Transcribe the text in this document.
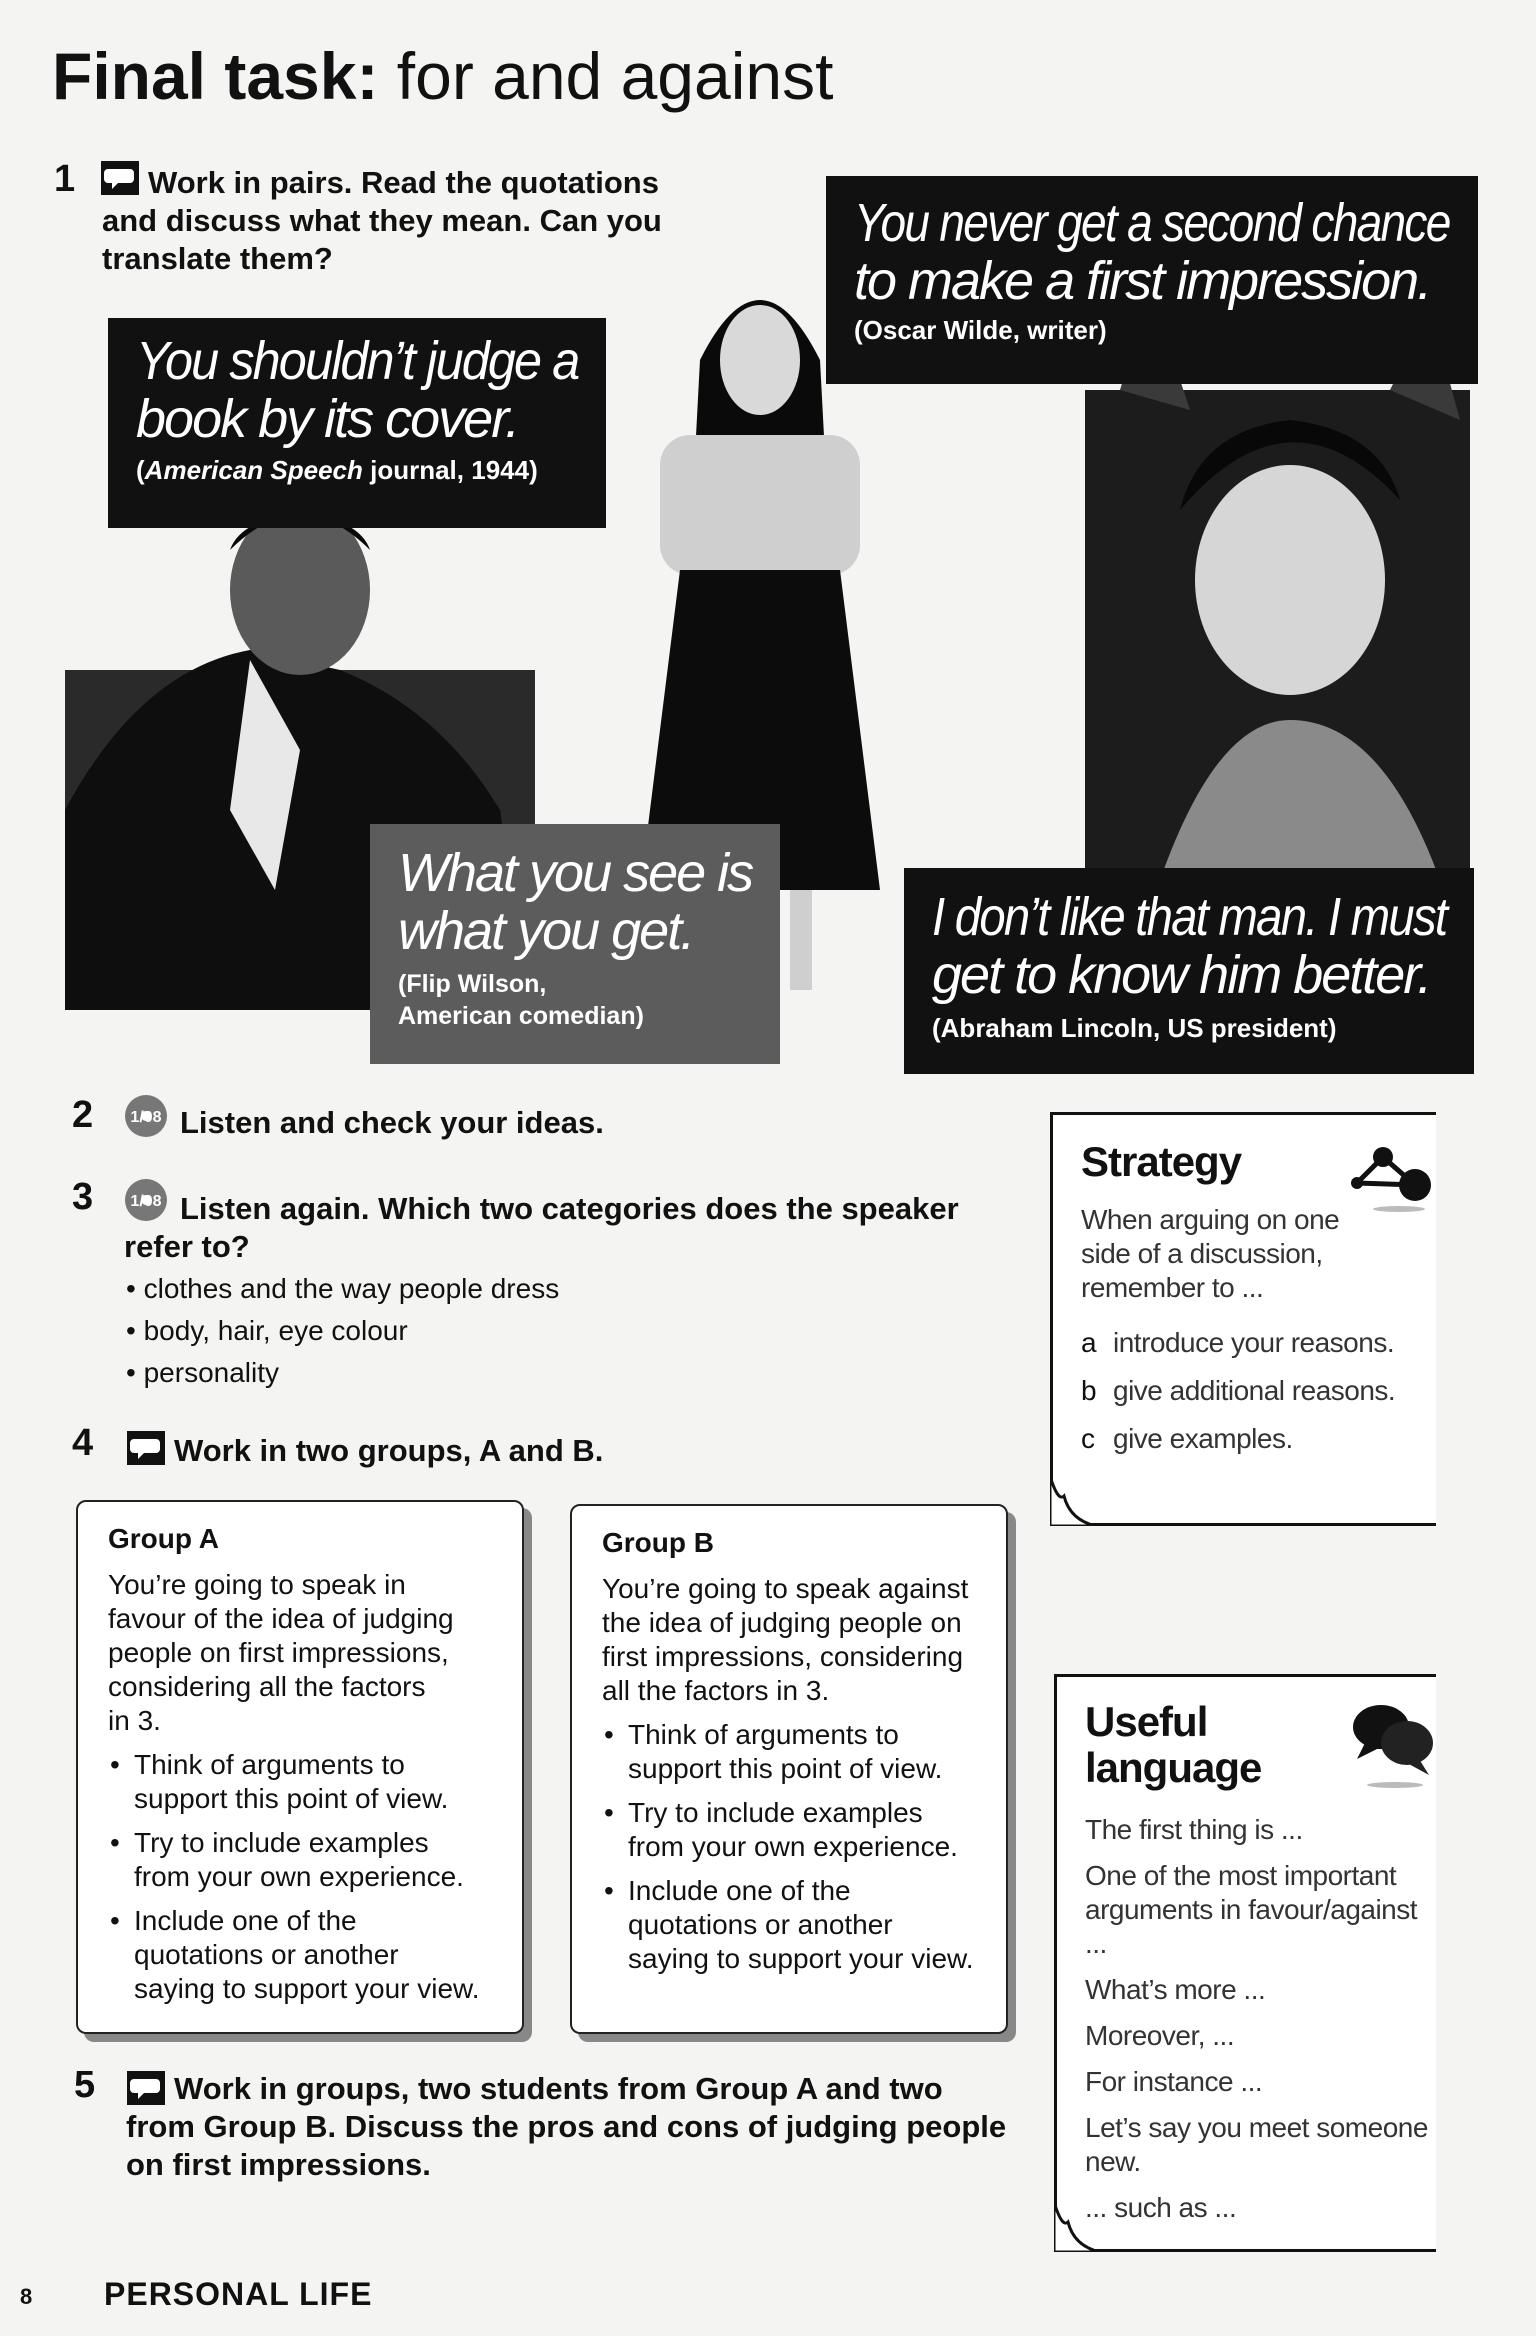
Final task: for and against
1	Work in pairs. Read the quotations
and discuss what they mean. Can you
translate them?
You shouldn’t judge a
book by its cover.
(American Speech journal, 1944)
You never get a second chance
to make a first impression.
(Oscar Wilde, writer)
What you see is
what you get.
(Flip Wilson,
American comedian)
I don’t like that man. I must
get to know him better.
(Abraham Lincoln, US president)
2 1/08 Listen and check your ideas.
3 1/08 Listen again. Which two categories does the speaker
refer to?
• clothes and the way people dress
• body, hair, eye colour
• personality
4	Work in two groups, A and B.
Group A

You’re going to speak in
favour of the idea of judging
people on first impressions,
considering all the factors
in 3.

• Think of arguments to
support this point of view.
• Try to include examples
from your own experience.
• Include one of the
quotations or another
saying to support your view.
Group B

You’re going to speak against
the idea of judging people on
first impressions, considering
all the factors in 3.

• Think of arguments to
support this point of view.
• Try to include examples
from your own experience.
• Include one of the
quotations or another
saying to support your view.
5	Work in groups, two students from Group A and two
from Group B. Discuss the pros and cons of judging people
on first impressions.
Strategy
When arguing on one
side of a discussion,
remember to ...
a introduce your reasons.
b give additional reasons.
c give examples.
Useful
language
The first thing is ...
One of the most important
arguments in favour/against ...
What’s more ...
Moreover, ...
For instance ...
Let’s say you meet someone new.
... such as ...
8 PERSONAL LIFE
